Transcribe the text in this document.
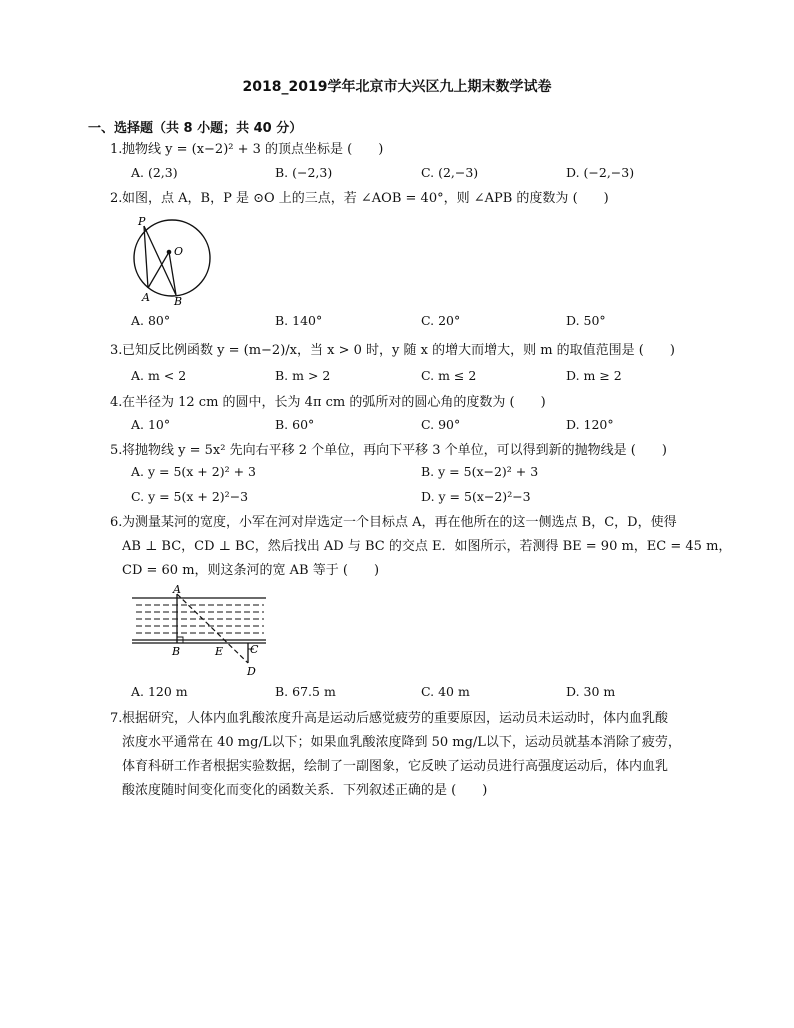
2018_2019学年北京市大兴区九上期末数学试卷
一、选择题（共 8 小题；共 40 分）
1. 抛物线 y = (x−2)² + 3 的顶点坐标是 (　　)
A. (2,3)	B. (−2,3)	C. (2,−3)	D. (−2,−3)
2. 如图，点 A，B，P 是 ⊙O 上的三点，若 ∠AOB = 40°，则 ∠APB 的度数为 (　　)
P
O
A B
A. 80°	B. 140°	C. 20°	D. 50°
3. 已知反比例函数 y = (m−2)/x，当 x > 0 时，y 随 x 的增大而增大，则 m 的取值范围是 (　　)
A. m < 2	B. m > 2	C. m ≤ 2	D. m ≥ 2
4. 在半径为 12 cm 的圆中，长为 4π cm 的弧所对的圆心角的度数为 (　　)
A. 10°	B. 60°	C. 90°	D. 120°
5. 将抛物线 y = 5x² 先向右平移 2 个单位，再向下平移 3 个单位，可以得到新的抛物线是 (　　)
A. y = 5(x + 2)² + 3	B. y = 5(x−2)² + 3
C. y = 5(x + 2)²−3	D. y = 5(x−2)²−3
6. 为测量某河的宽度，小军在河对岸选定一个目标点 A，再在他所在的这一侧选点 B，C，D，使得
AB ⊥ BC，CD ⊥ BC，然后找出 AD 与 BC 的交点 E．如图所示，若测得 BE = 90 m，EC = 45 m，
CD = 60 m，则这条河的宽 AB 等于 (　　)
A
B	E C
D
A. 120 m	B. 67.5 m	C. 40 m	D. 30 m
7. 根据研究，人体内血乳酸浓度升高是运动后感觉疲劳的重要原因，运动员未运动时，体内血乳酸
浓度水平通常在 40 mg/L以下；如果血乳酸浓度降到 50 mg/L以下，运动员就基本消除了疲劳，
体育科研工作者根据实验数据，绘制了一副图象，它反映了运动员进行高强度运动后，体内血乳
酸浓度随时间变化而变化的函数关系．下列叙述正确的是 (　　)
